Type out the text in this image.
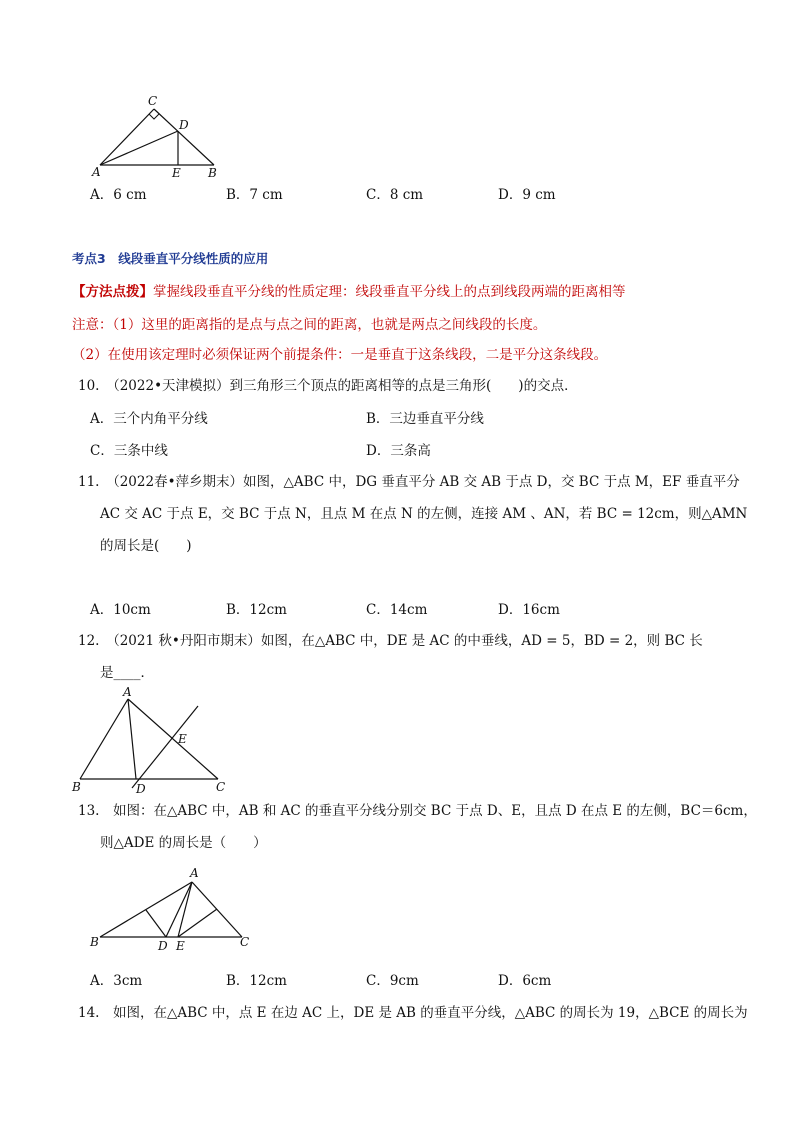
C
D
A	E B
A．6 cm	B．7 cm	C．8 cm	D．9 cm
考点3　线段垂直平分线性质的应用
【方法点拨】掌握线段垂直平分线的性质定理：线段垂直平分线上的点到线段两端的距离相等
注意：（1）这里的距离指的是点与点之间的距离，也就是两点之间线段的长度。
（2）在使用该定理时必须保证两个前提条件：一是垂直于这条线段，二是平分这条线段。
10.　（2022•天津模拟）到三角形三个顶点的距离相等的点是三角形(　　)的交点．
A．三个内角平分线	B．三边垂直平分线
C．三条中线	D．三条高
11.　（2022春•萍乡期末）如图，△ABC 中，DG 垂直平分 AB 交 AB 于点 D，交 BC 于点 M，EF 垂直平分
AC 交 AC 于点 E，交 BC 于点 N，且点 M 在点 N 的左侧，连接 AM 、AN，若 BC = 12cm，则△AMN
的周长是(　　)
A．10cm	B．12cm	C．14cm	D．16cm
12.　（2021 秋•丹阳市期末）如图，在△ABC 中，DE 是 AC 的中垂线，AD = 5，BD = 2，则 BC 长
是____．
A
E
B	D	C
13.　如图：在△ABC 中，AB 和 AC 的垂直平分线分别交 BC 于点 D、E，且点 D 在点 E 的左侧，BC＝6cm，
则△ADE 的周长是（　　）
A
B	D E	C
A．3cm	B．12cm	C．9cm	D．6cm
14.　如图，在△ABC 中，点 E 在边 AC 上，DE 是 AB 的垂直平分线，△ABC 的周长为 19，△BCE 的周长为
